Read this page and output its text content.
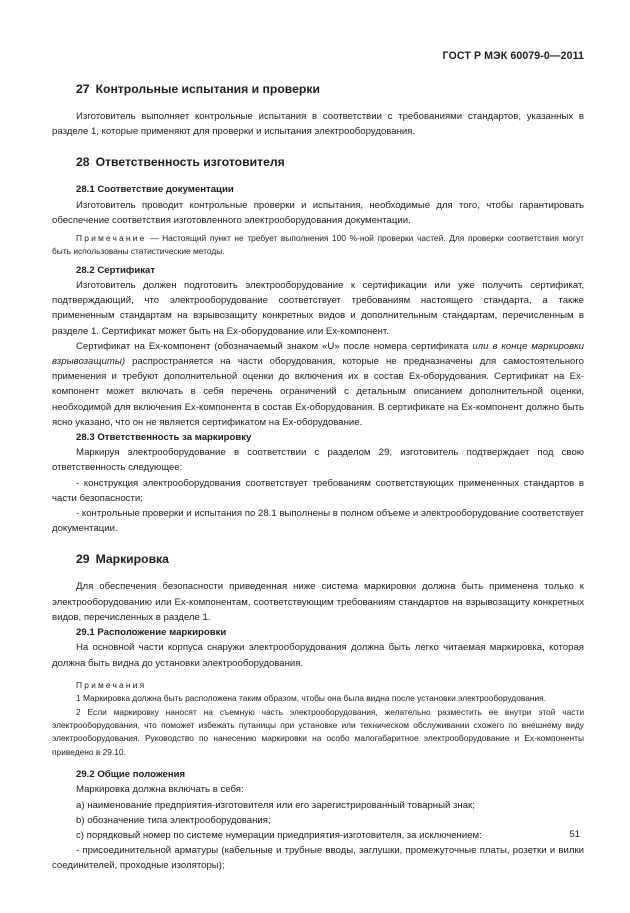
ГОСТ Р МЭК 60079-0—2011
27 Контрольные испытания и проверки

Изготовитель выполняет контрольные испытания в соответствии с требованиями стандартов, указанных в разделе 1, которые применяют для проверки и испытания электрооборудования.

28 Ответственность изготовителя

28.1 Соответствие документации

Изготовитель проводит контрольные проверки и испытания, необходимые для того, чтобы гарантировать обеспечение соответствия изготовленного электрооборудования документации.

Примечание — Настоящий пункт не требует выполнения 100 %-ной проверки частей. Для проверки соответствия могут быть использованы статистические методы.

28.2 Сертификат

Изготовитель должен подготовить электрооборудование к сертификации или уже получить сертификат, подтверждающий, что электрооборудование соответствует требованиям настоящего стандарта, а также примененным стандартам на взрывозащиту конкретных видов и дополнительным стандартам, перечисленным в разделе 1. Сертификат может быть на Ех-оборудование или Ех-компонент.

Сертификат на Ех-компонент (обозначаемый знаком «U» после номера сертификата или в конце маркировки взрывозащиты) распространяется на части оборудования, которые не предназначены для самостоятельного применения и требуют дополнительной оценки до включения их в состав Ех-оборудования. Сертификат на Ех-компонент может включать в себя перечень ограничений с детальным описанием дополнительной оценки, необходимой для включения Ех-компонента в состав Ех-оборудования. В сертификате на Ех-компонент должно быть ясно указано, что он не является сертификатом на Ех-оборудование.

28.3 Ответственность за маркировку

Маркируя электрооборудование в соответствии с разделом 29, изготовитель подтверждает под свою ответственность следующее:

- конструкция электрооборудования соответствует требованиям соответствующих примененных стандартов в части безопасности;

- контрольные проверки и испытания по 28.1 выполнены в полном объеме и электрооборудование соответствует документации.

29 Маркировка

Для обеспечения безопасности приведенная ниже система маркировки должна быть применена только к электрооборудованию или Ех-компонентам, соответствующим требованиям стандартов на взрывозащиту конкретных видов, перечисленных в разделе 1.

29.1 Расположение маркировки

На основной части корпуса снаружи электрооборудования должна быть легко читаемая маркировка, которая должна быть видна до установки электрооборудования.

Примечания

1 Маркировка должна быть расположена таким образом, чтобы она была видна после установки электрооборудования.

2 Если маркировку наносят на съемную часть электрооборудования, желательно разместить ее внутри этой части электрооборудования, что поможет избежать путаницы при установке или техническом обслуживании схожего по внешнему виду электрооборудования. Руководство по нанесению маркировки на особо малогабаритное электрооборудование и Ех-компоненты приведено в 29.10.

29.2 Общие положения

Маркировка должна включать в себя:

a) наименование предприятия-изготовителя или его зарегистрированный товарный знак;

b) обозначение типа электрооборудования;

c) порядковый номер по системе нумерации приедприятия-изготовителя, за исключением:

- присоединительной арматуры (кабельные и трубные вводы, заглушки, промежуточные платы, розетки и вилки соединителей, проходные изоляторы);

51
